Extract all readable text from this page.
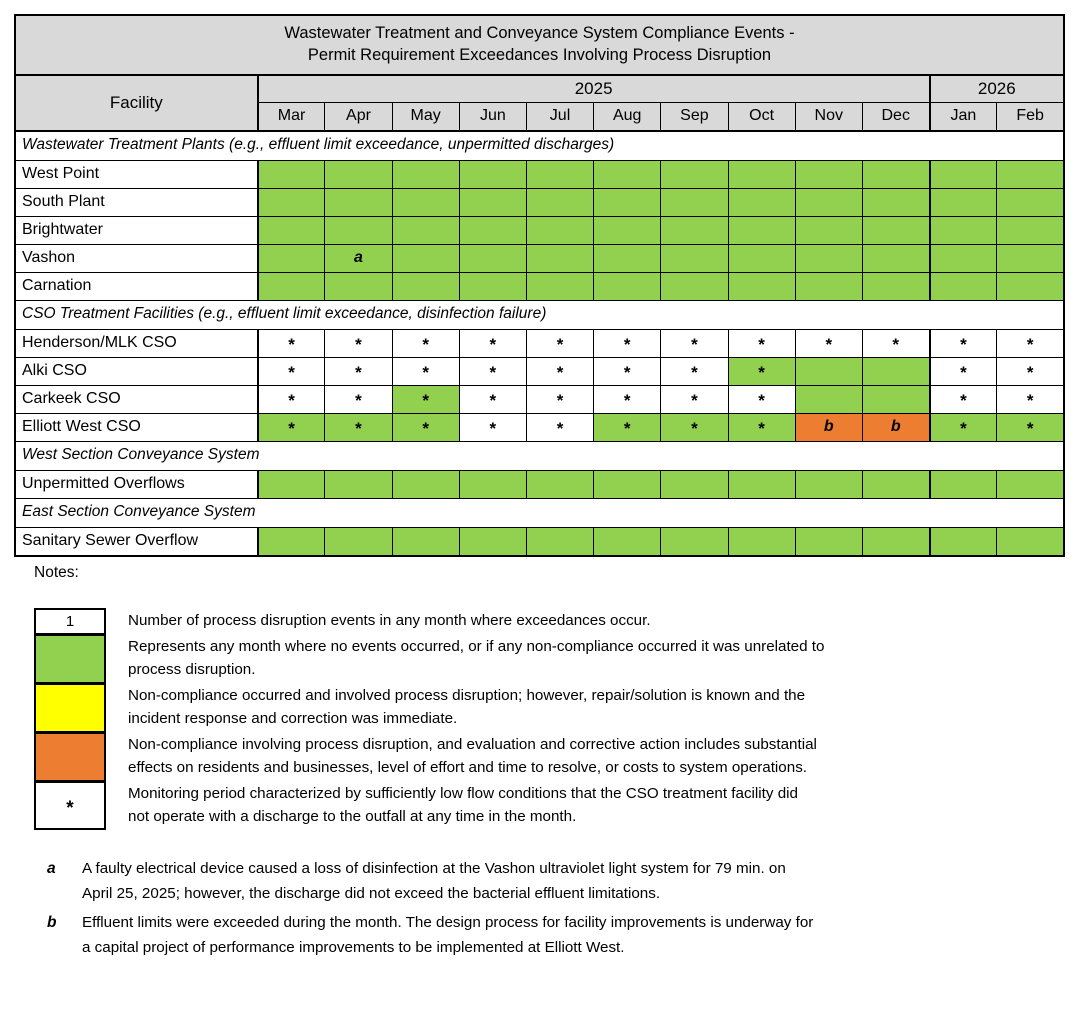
Wastewater Treatment and Conveyance System Compliance Events -
Permit Requirement Exceedances Involving Process Disruption												

Facility	2025										2026	
	Mar	Apr	May	Jun	Jul	Aug	Sep	Oct	Nov	Dec	Jan	Feb
Wastewater Treatment Plants (e.g., effluent limit exceedance, unpermitted discharges)												
West Point												
South Plant												
Brightwater												
Vashon		a										
Carnation												
CSO Treatment Facilities (e.g., effluent limit exceedance, disinfection failure)												
Henderson/MLK CSO	*	*	*	*	*	*	*	*	*	*	*	*
Alki CSO	*	*	*	*	*	*	*	*			*	*
Carkeek CSO	*	*	*	*	*	*	*	*			*	*
Elliott West CSO	*	*	*	*	*	*	*	*	b	b	*	*
West Section Conveyance System												
Unpermitted Overflows												
East Section Conveyance System												
Sanitary Sewer Overflow												
Notes:
1	Number of process disruption events in any month where exceedances occur.
Represents any month where no events occurred, or if any non-compliance occurred it was unrelated to
process disruption.
Non-compliance occurred and involved process disruption; however, repair/solution is known and the
incident response and correction was immediate.
Non-compliance involving process disruption, and evaluation and corrective action includes substantial
effects on residents and businesses, level of effort and time to resolve, or costs to system operations.
*
Monitoring period characterized by sufficiently low flow conditions that the CSO treatment facility did
not operate with a discharge to the outfall at any time in the month.
a	A faulty electrical device caused a loss of disinfection at the Vashon ultraviolet light system for 79 min. on
April 25, 2025; however, the discharge did not exceed the bacterial effluent limitations.
b	Effluent limits were exceeded during the month. The design process for facility improvements is underway for
a capital project of performance improvements to be implemented at Elliott West.
